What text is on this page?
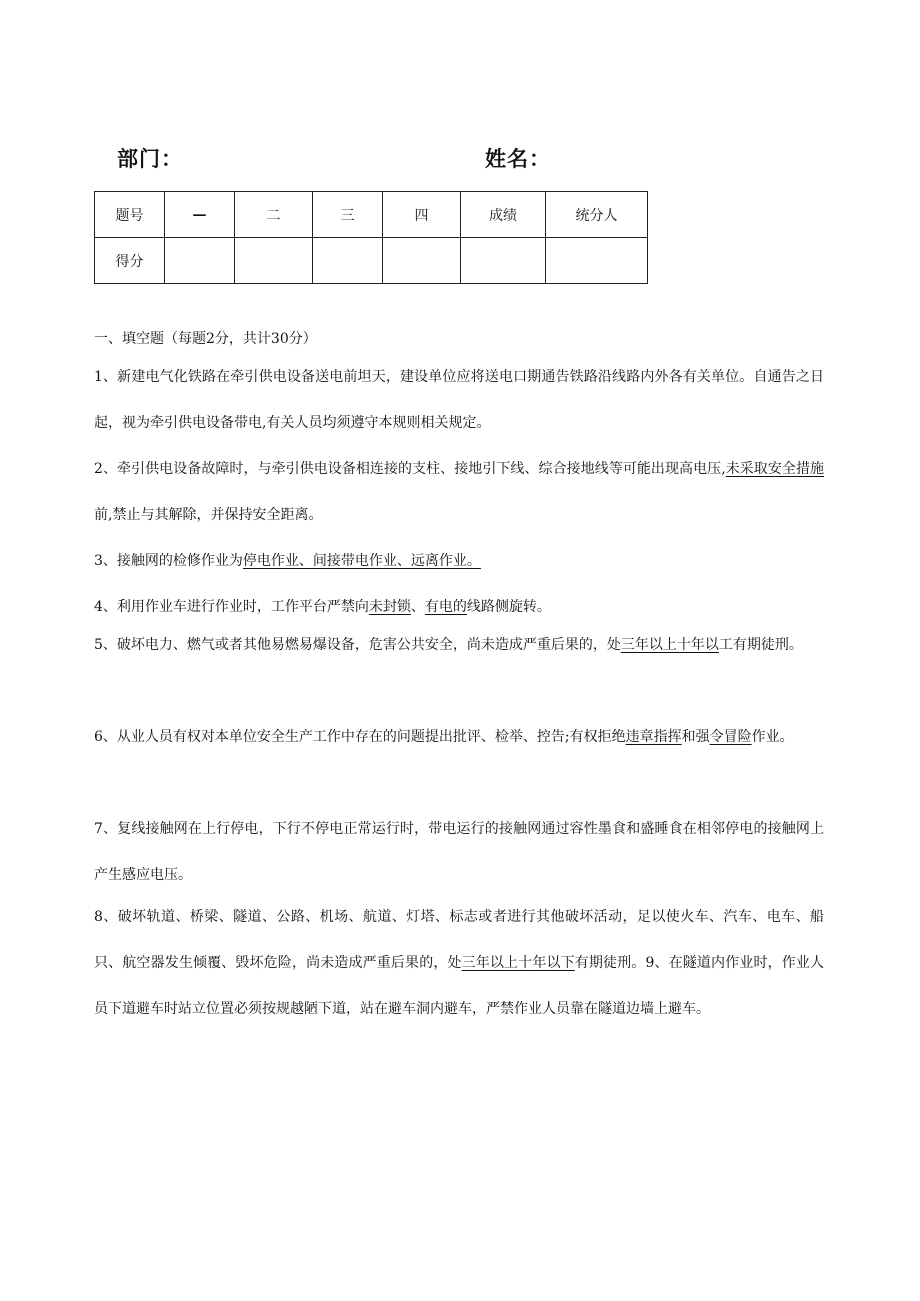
部门：	姓名：
题号	—	二	三	四	成绩	统分人
得分						
一、填空题（每题2分，共计30分）

1、新建电气化铁路在牵引供电设备送电前坦天，建设单位应将送电口期通告铁路沿线路内外各有关单位。自通告之日起，视为牵引供电设备带电,有关人员均须遵守本规则相关规定。

2、牵引供电设备故障时，与牵引供电设备相连接的支柱、接地引下线、综合接地线等可能出现高电压,未采取安全措施前,禁止与其解除，并保持安全距离。

3、接触网的检修作业为停电作业、间接带电作业、远离作业。

4、利用作业车进行作业时，工作平台严禁向未封锁、有电的线路侧旋转。

5、破坏电力、燃气或者其他易燃易爆设备，危害公共安全，尚未造成严重后果的，处三年以上十年以工有期徒刑。

6、从业人员有权对本单位安全生产工作中存在的问题提出批评、检举、控告;有权拒绝违章指挥和强令冒险作业。

7、复线接触网在上行停电，下行不停电正常运行时，带电运行的接触网通过容性墨食和盛睡食在相邻停电的接触网上产生感应电压。

8、破坏轨道、桥梁、隧道、公路、机场、航道、灯塔、标志或者进行其他破坏活动，足以使火车、汽车、电车、船只、航空器发生倾覆、毁坏危险，尚未造成严重后果的，处三年以上十年以下有期徒刑。9、在隧道内作业时，作业人员下道避车时站立位置必须按规越陋下道，站在避车洞内避车，严禁作业人员靠在隧道边墙上避车。
